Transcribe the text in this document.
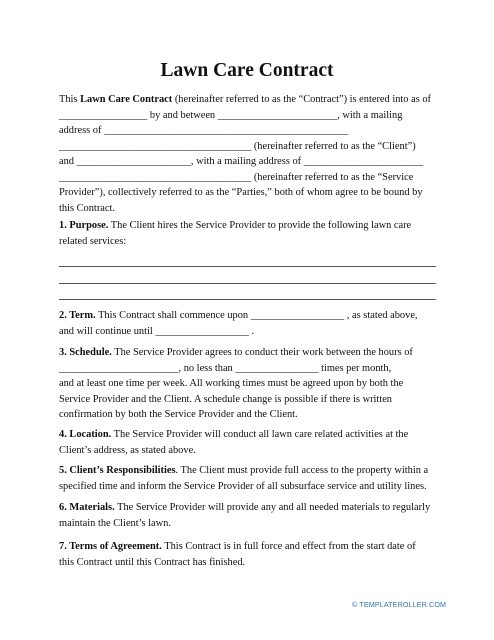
Lawn Care Contract

This Lawn Care Contract (hereinafter referred to as the “Contract”) is entered into as of

_________________ by and between _______________________, with a mailing

address of _______________________________________________

_____________________________________ (hereinafter referred to as the “Client”)

and ______________________, with a mailing address of _______________________

_____________________________________ (hereinafter referred to as the “Service

Provider”), collectively referred to as the “Parties,” both of whom agree to be bound by

this Contract.

1. Purpose. The Client hires the Service Provider to provide the following lawn care

related services:

2. Term. This Contract shall commence upon __________________ , as stated above,

and will continue until __________________ .

3. Schedule. The Service Provider agrees to conduct their work between the hours of

_______________________, no less than ________________ times per month,

and at least one time per week. All working times must be agreed upon by both the

Service Provider and the Client. A schedule change is possible if there is written

confirmation by both the Service Provider and the Client.

4. Location. The Service Provider will conduct all lawn care related activities at the

Client’s address, as stated above.

5. Client’s Responsibilities. The Client must provide full access to the property within a

specified time and inform the Service Provider of all subsurface service and utility lines.

6. Materials. The Service Provider will provide any and all needed materials to regularly

maintain the Client’s lawn.

7. Terms of Agreement. This Contract is in full force and effect from the start date of

this Contract until this Contract has finished.

© TEMPLATEROLLER.COM
